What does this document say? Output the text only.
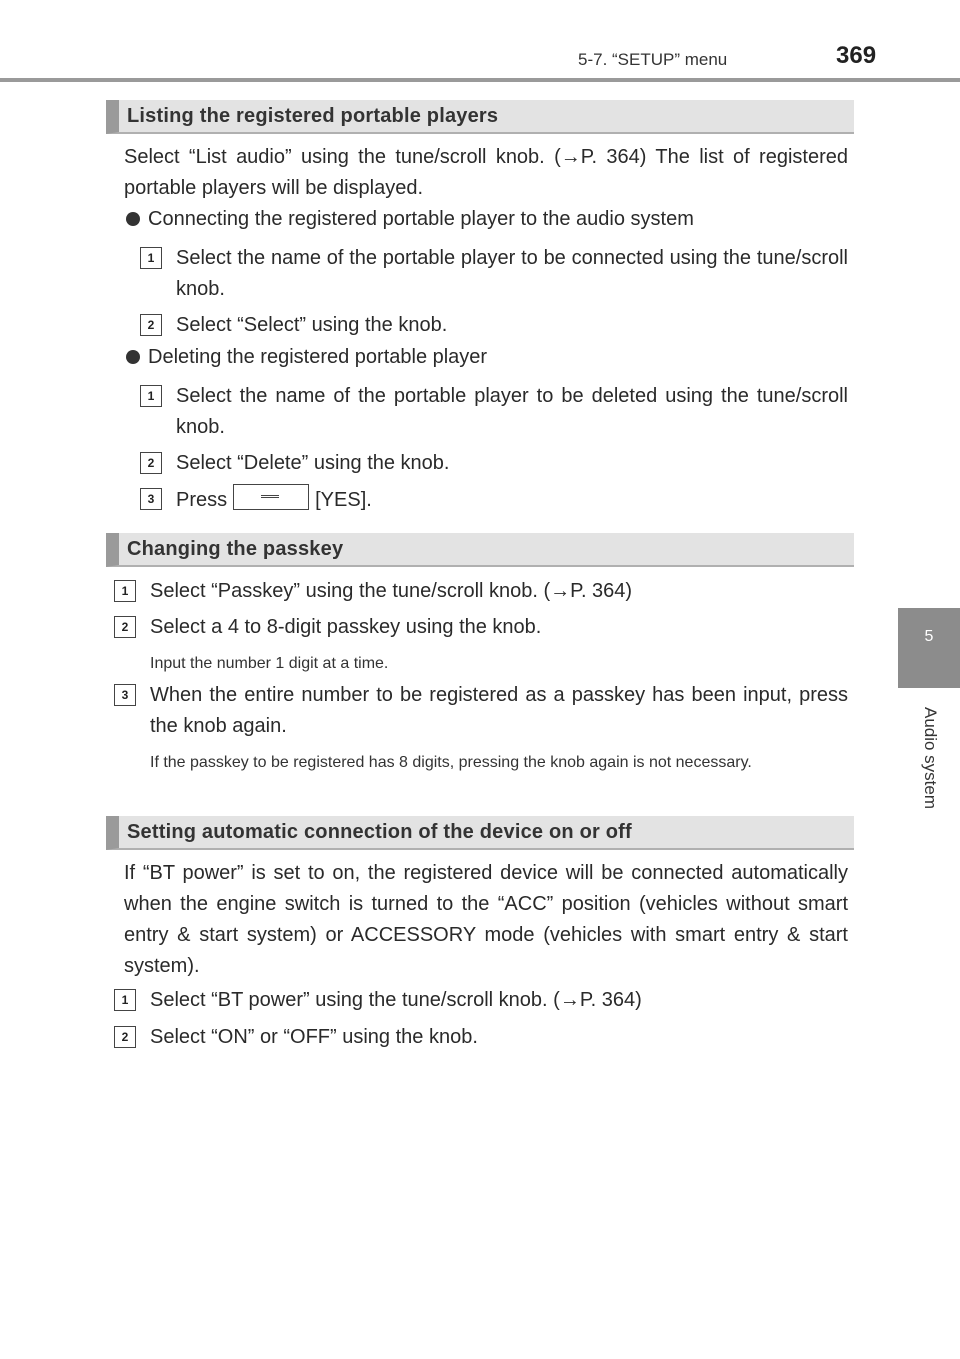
5-7. “SETUP” menu	369
5
Audio system
Listing the registered portable players
Select “List audio” using the tune/scroll knob. (→P. 364) The list of registered portable players will be displayed.
Connecting the registered portable player to the audio system
1	Select the name of the portable player to be connected using the tune/scroll knob.
2	Select “Select” using the knob.
Deleting the registered portable player
1	Select the name of the portable player to be deleted using the tune/scroll knob.
2	Select “Delete” using the knob.
3	Press	[YES].
Changing the passkey
1	Select “Passkey” using the tune/scroll knob. (→P. 364)
2	Select a 4 to 8-digit passkey using the knob.
Input the number 1 digit at a time.
3	When the entire number to be registered as a passkey has been input, press the knob again.
If the passkey to be registered has 8 digits, pressing the knob again is not necessary.
Setting automatic connection of the device on or off
If “BT power” is set to on, the registered device will be connected automatically when the engine switch is turned to the “ACC” position (vehicles without smart entry & start system) or ACCESSORY mode (vehicles with smart entry & start system).
1	Select “BT power” using the tune/scroll knob. (→P. 364)
2	Select “ON” or “OFF” using the knob.
